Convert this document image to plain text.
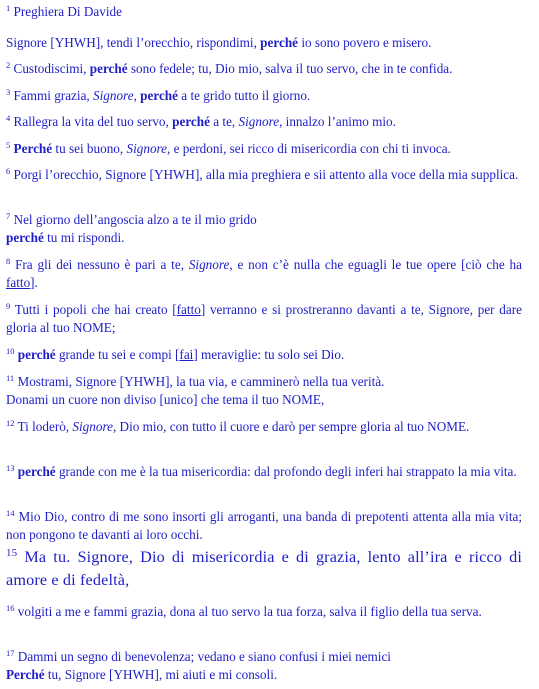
$^1$ Preghiera Di Davide

Signore [YHWH], tendi l’orecchio, rispondimi, perché io sono povero e misero.

$^2$ Custodiscimi, perché sono fedele; tu, Dio mio, salva il tuo servo, che in te confida.

$^3$ Fammi grazia, Signore, perché a te grido tutto il giorno.

$^4$ Rallegra la vita del tuo servo, perché a te, Signore, innalzo l’animo mio.

$^5$ Perché tu sei buono, Signore, e perdoni, sei ricco di misericordia con chi ti invoca.

$^6$ Porgi l’orecchio, Signore [YHWH], alla mia preghiera e sii attento alla voce della mia supplica.

$^7$ Nel giorno dell’angoscia alzo a te il mio grido
perché tu mi rispondi.

$^8$ Fra gli dei nessuno è pari a te, Signore, e non c’è nulla che eguagli le tue opere [ciò che ha fatto].

$^9$ Tutti i popoli che hai creato [fatto] verranno e si prostreranno davanti a te, Signore, per dare gloria al tuo NOME;

$^{10}$ perché grande tu sei e compi [fai] meraviglie: tu solo sei Dio.

$^{11}$ Mostrami, Signore [YHWH], la tua via, e camminerò nella tua verità.
Donami un cuore non diviso [unico] che tema il tuo NOME,

$^{12}$ Ti loderò, Signore, Dio mio, con tutto il cuore e darò per sempre gloria al tuo NOME.

$^{13}$ perché grande con me è la tua misericordia: dal profondo degli inferi hai strappato la mia vita.

$^{14}$ Mio Dio, contro di me sono insorti gli arroganti, una banda di prepotenti attenta alla mia vita; non pongono te davanti ai loro occhi.

$^{15}$ Ma tu. Signore, Dio di misericordia e di grazia, lento all’ira e ricco di amore e di fedeltà,

$^{16}$ volgiti a me e fammi grazia, dona al tuo servo la tua forza, salva il figlio della tua serva.

$^{17}$ Dammi un segno di benevolenza; vedano e siano confusi i miei nemici
Perché tu, Signore [YHWH], mi aiuti e mi consoli.
